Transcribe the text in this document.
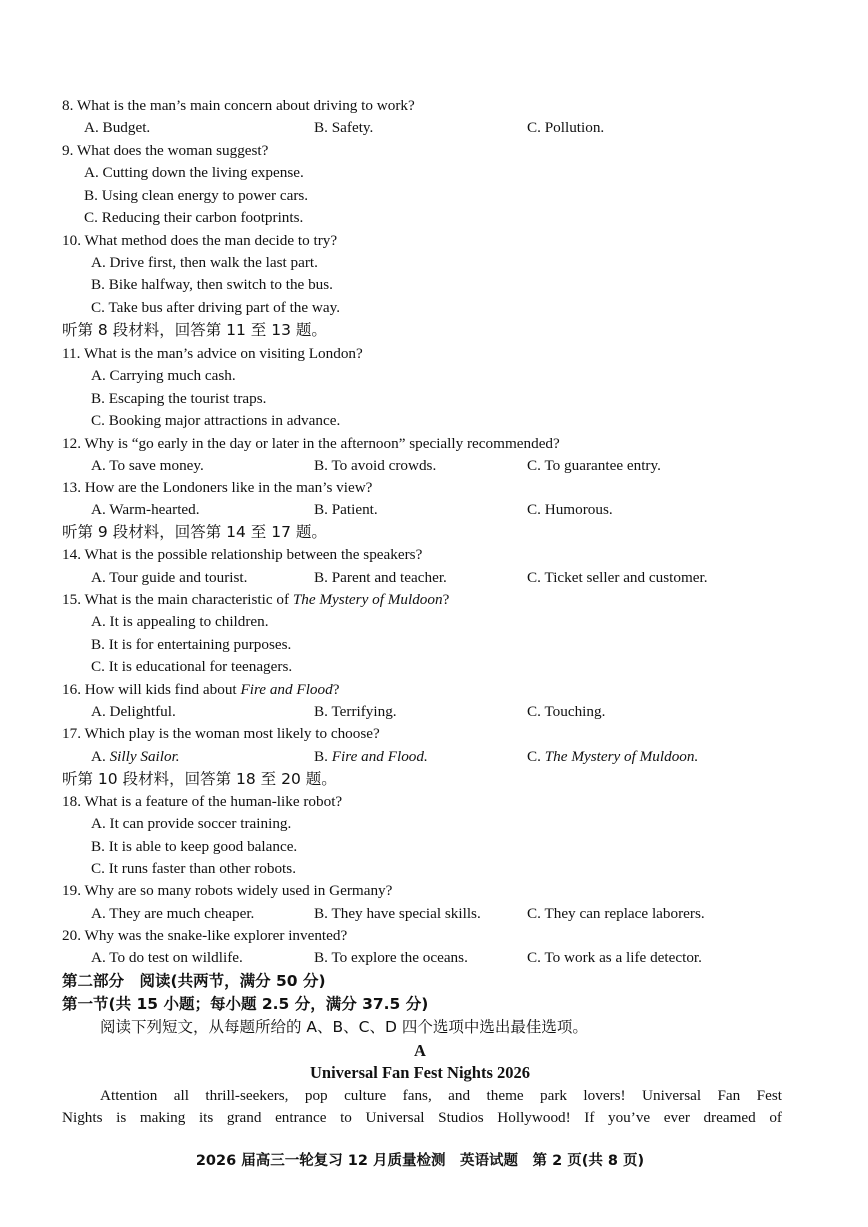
8. What is the man’s main concern about driving to work?
A. Budget.	B. Safety.	C. Pollution.
9. What does the woman suggest?
A. Cutting down the living expense.
B. Using clean energy to power cars.
C. Reducing their carbon footprints.
10. What method does the man decide to try?
A. Drive first, then walk the last part.
B. Bike halfway, then switch to the bus.
C. Take bus after driving part of the way.
听第 8 段材料，回答第 11 至 13 题。
11. What is the man’s advice on visiting London?
A. Carrying much cash.
B. Escaping the tourist traps.
C. Booking major attractions in advance.
12. Why is “go early in the day or later in the afternoon” specially recommended?
A. To save money.	B. To avoid crowds.	C. To guarantee entry.
13. How are the Londoners like in the man’s view?
A. Warm-hearted.	B. Patient.	C. Humorous.
听第 9 段材料，回答第 14 至 17 题。
14. What is the possible relationship between the speakers?
A. Tour guide and tourist.	B. Parent and teacher.	C. Ticket seller and customer.
15. What is the main characteristic of The Mystery of Muldoon?
A. It is appealing to children.
B. It is for entertaining purposes.
C. It is educational for teenagers.
16. How will kids find about Fire and Flood?
A. Delightful.	B. Terrifying.	C. Touching.
17. Which play is the woman most likely to choose?
A. Silly Sailor.	B. Fire and Flood.	C. The Mystery of Muldoon.
听第 10 段材料，回答第 18 至 20 题。
18. What is a feature of the human-like robot?
A. It can provide soccer training.
B. It is able to keep good balance.
C. It runs faster than other robots.
19. Why are so many robots widely used in Germany?
A. They are much cheaper.	B. They have special skills.	C. They can replace laborers.
20. Why was the snake-like explorer invented?
A. To do test on wildlife.	B. To explore the oceans.	C. To work as a life detector.
第二部分　阅读(共两节，满分 50 分)
第一节(共 15 小题；每小题 2.5 分，满分 37.5 分)
阅读下列短文，从每题所给的 A、B、C、D 四个选项中选出最佳选项。
A
Universal Fan Fest Nights 2026
Attention all thrill-seekers, pop culture fans, and theme park lovers! Universal Fan Fest
Nights is making its grand entrance to Universal Studios Hollywood! If you’ve ever dreamed of
2026 届高三一轮复习 12 月质量检测　英语试题　第 2 页(共 8 页)
